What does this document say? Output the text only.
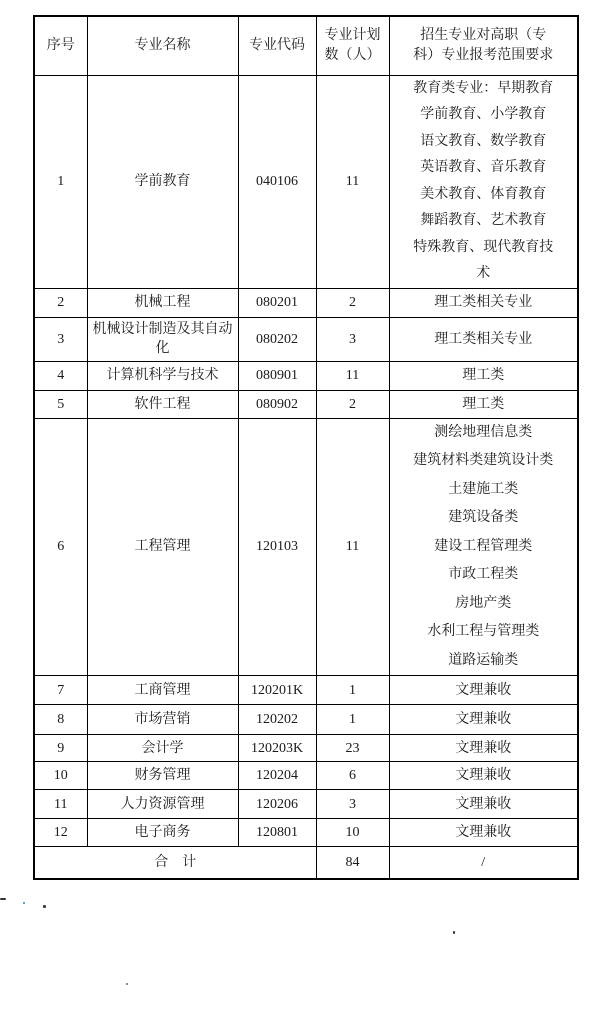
序号	专业名称	专业代码	专业计划数（人）	招生专业对高职（专科）专业报考范围要求
1	学前教育	040106	11	
教育类专业：早期教育
学前教育、小学教育
语文教育、数学教育
英语教育、音乐教育
美术教育、体育教育
舞蹈教育、艺术教育
特殊教育、现代教育技术

2	机械工程	080201	2	理工类相关专业
3	机械设计制造及其自动化	080202	3	理工类相关专业
4	计算机科学与技术	080901	11	理工类
5	软件工程	080902	2	理工类
6	工程管理	120103	11	
测绘地理信息类
建筑材料类建筑设计类
土建施工类
建筑设备类
建设工程管理类
市政工程类
房地产类
水利工程与管理类
道路运输类

7	工商管理	120201K	1	文理兼收
8	市场营销	120202	1	文理兼收
9	会计学	120203K	23	文理兼收
10	财务管理	120204	6	文理兼收
11	人力资源管理	120206	3	文理兼收
12	电子商务	120801	10	文理兼收
合　计			84	/
